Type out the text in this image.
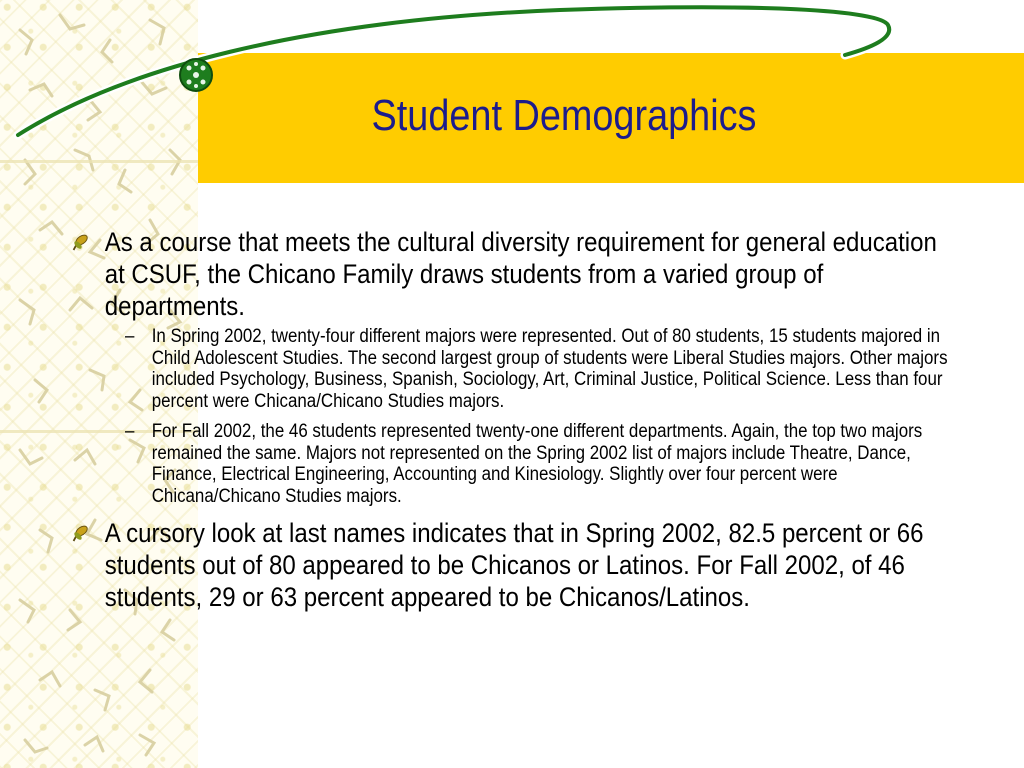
Student Demographics
As a course that meets the cultural diversity requirement for general education at CSUF, the Chicano Family draws students from a varied group of departments.
– In Spring 2002, twenty-four different majors were represented. Out of 80 students, 15 students majored in Child Adolescent Studies. The second largest group of students were Liberal Studies majors. Other majors included Psychology, Business, Spanish, Sociology, Art, Criminal Justice, Political Science. Less than four percent were Chicana/Chicano Studies majors.
– For Fall 2002, the 46 students represented twenty-one different departments. Again, the top two majors remained the same. Majors not represented on the Spring 2002 list of majors include Theatre, Dance, Finance, Electrical Engineering, Accounting and Kinesiology. Slightly over four percent were Chicana/Chicano Studies majors.
A cursory look at last names indicates that in Spring 2002, 82.5 percent or 66 students out of 80 appeared to be Chicanos or Latinos. For Fall 2002, of 46 students, 29 or 63 percent appeared to be Chicanos/Latinos.
